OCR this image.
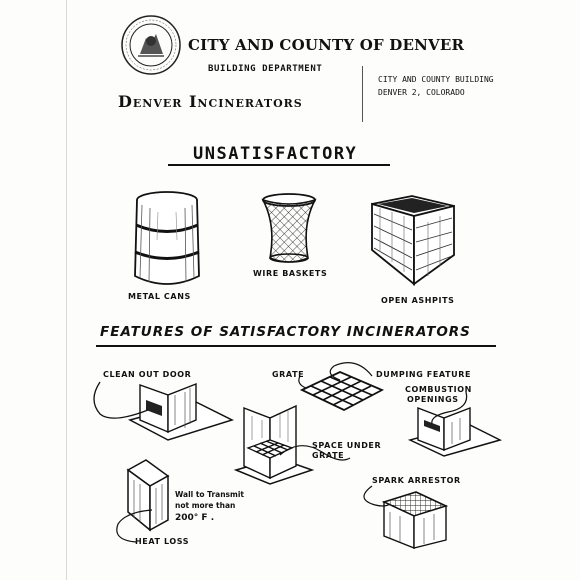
CITY AND COUNTY OF DENVER
BUILDING DEPARTMENT
CITY AND COUNTY BUILDING
DENVER 2, COLORADO
Denver Incinerators
UNSATISFACTORY
METAL CANS
WIRE BASKETS
OPEN ASHPITS
FEATURES OF SATISFACTORY INCINERATORS
CLEAN OUT DOOR	GRATE	DUMPING FEATURE
COMBUSTION
OPENINGS
SPACE UNDER
GRATE
SPARK ARRESTOR
HEAT LOSS
Wall to Transmit
not more than
200° F .
